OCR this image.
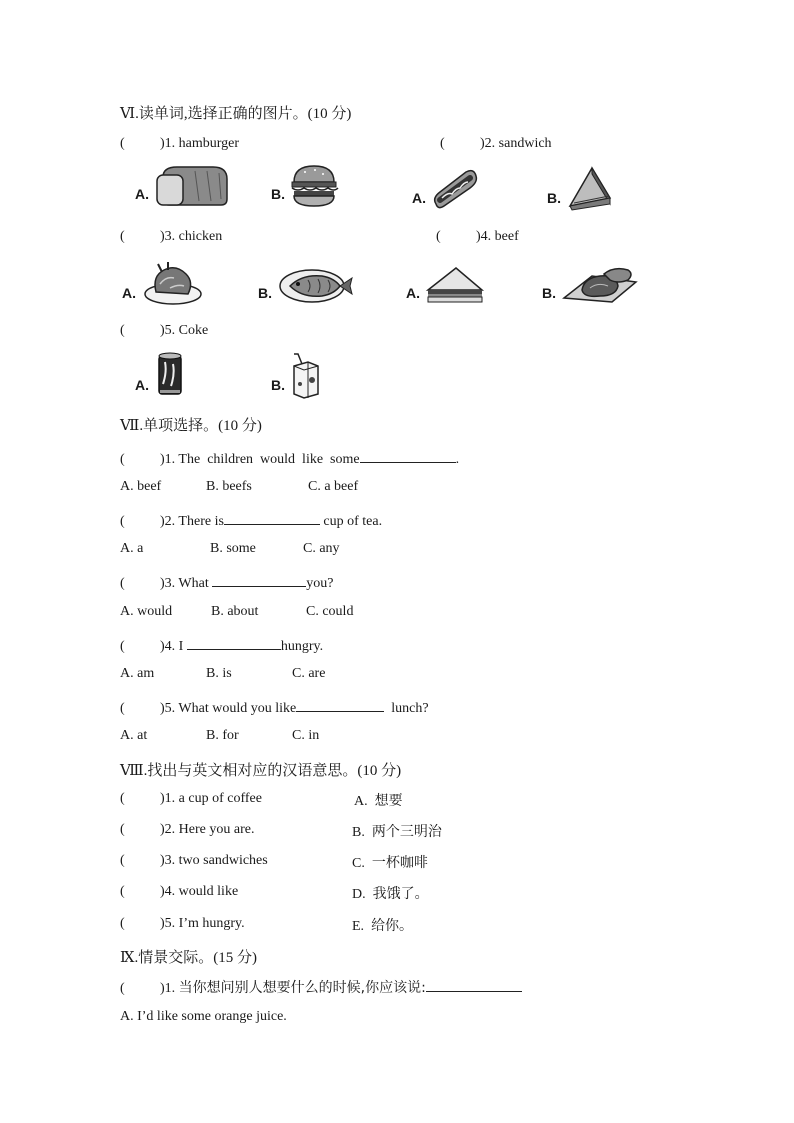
Ⅵ.读单词,选择正确的图片。(10 分)
(	)1. hamburger	(	)2. sandwich
A.	B.	A.	B.
(	)3. chicken	(	)4. beef
A.	B.	A.	B.
(	)5. Coke
A.	B.
Ⅶ.单项选择。(10 分)
(	)1. The  children  would  like  some	.
A. beef	B. beefs	C. a beef
(	)2. There is	cup of tea.
A. a	B. some	C. any
(	)3. What	you?
A. would	B. about	C. could
(	)4. I	hungry.
A. am	B. is	C. are
(	)5. What would you like	lunch?
A. at	B. for	C. in
Ⅷ.找出与英文相对应的汉语意思。(10 分)
(	)1. a cup of coffee	A. 想要
(	)2. Here you are.	B. 两个三明治
(	)3. two sandwiches	C. 一杯咖啡
(	)4. would like	D. 我饿了。
(	)5. I’m hungry.	E. 给你。
Ⅸ.情景交际。(15 分)
(	)1. 当你想问别人想要什么的时候,你应该说:
A. I’d like some orange juice.
